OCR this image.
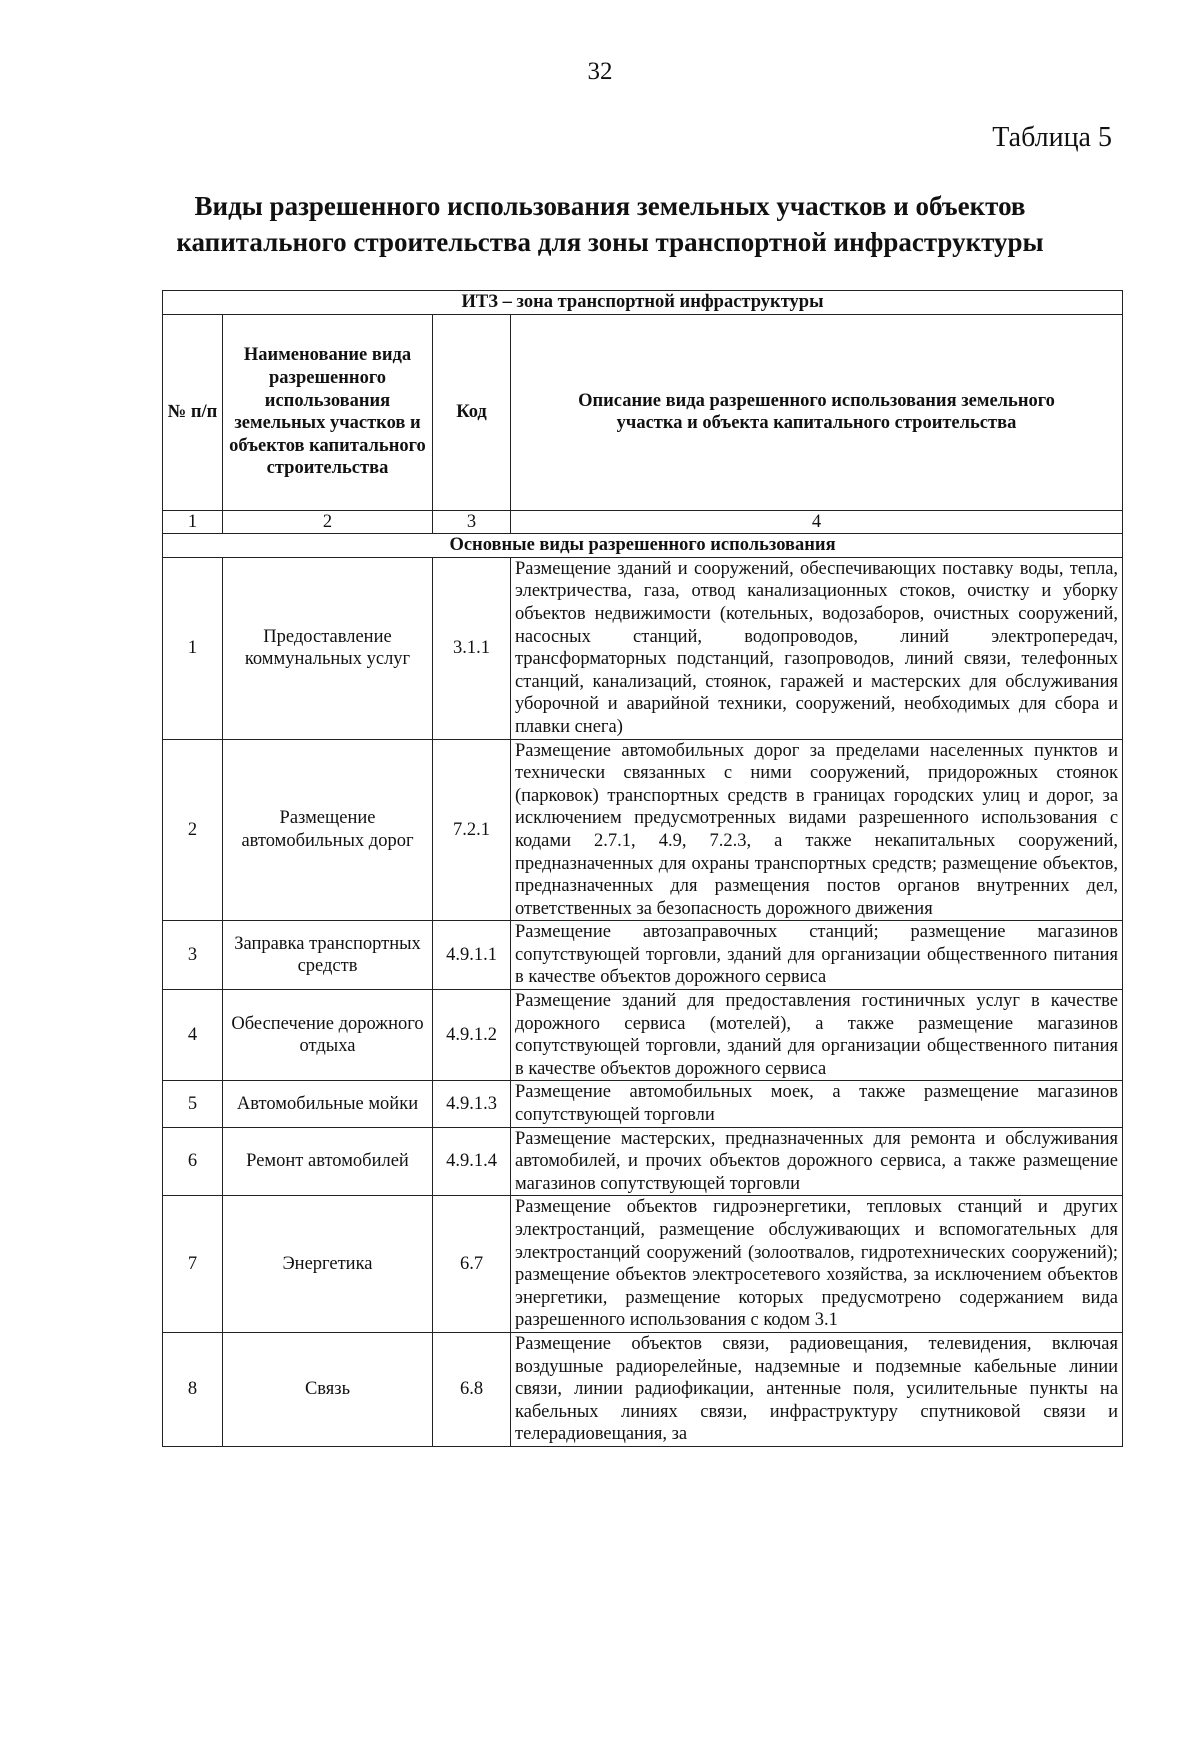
32
Таблица 5
Виды разрешенного использования земельных участков и объектов капитального строительства для зоны транспортной инфраструктуры
ИТЗ – зона транспортной инфраструктуры			
№ п/п	Наименование вида разрешенного использования земельных участков и объектов капитального строительства	Код	Описание вида разрешенного использования земельного участка и объекта капитального строительства
1	2	3	4
Основные виды разрешенного использования			
1	Предоставление коммунальных услуг	3.1.1	Размещение зданий и сооружений, обеспечивающих поставку воды, тепла, электричества, газа, отвод канализационных стоков, очистку и уборку объектов недвижимости (котельных, водозаборов, очистных сооружений, насосных станций, водопроводов, линий электропередач, трансформаторных подстанций, газопроводов, линий связи, телефонных станций, канализаций, стоянок, гаражей и мастерских для обслуживания уборочной и аварийной техники, сооружений, необходимых для сбора и плавки снега)
2	Размещение автомобильных дорог	7.2.1	Размещение автомобильных дорог за пределами населенных пунктов и технически связанных с ними сооружений, придорожных стоянок (парковок) транспортных средств в границах городских улиц и дорог, за исключением предусмотренных видами разрешенного использования с кодами 2.7.1, 4.9, 7.2.3, а также некапитальных сооружений, предназначенных для охраны транспортных средств; размещение объектов, предназначенных для размещения постов органов внутренних дел, ответственных за безопасность дорожного движения
3	Заправка транспортных средств	4.9.1.1	Размещение автозаправочных станций; размещение магазинов сопутствующей торговли, зданий для организации общественного питания в качестве объектов дорожного сервиса
4	Обеспечение дорожного отдыха	4.9.1.2	Размещение зданий для предоставления гостиничных услуг в качестве дорожного сервиса (мотелей), а также размещение магазинов сопутствующей торговли, зданий для организации общественного питания в качестве объектов дорожного сервиса
5	Автомобильные мойки	4.9.1.3	Размещение автомобильных моек, а также размещение магазинов сопутствующей торговли
6	Ремонт автомобилей	4.9.1.4	Размещение мастерских, предназначенных для ремонта и обслуживания автомобилей, и прочих объектов дорожного сервиса, а также размещение магазинов сопутствующей торговли
7	Энергетика	6.7	Размещение объектов гидроэнергетики, тепловых станций и других электростанций, размещение обслуживающих и вспомогательных для электростанций сооружений (золоотвалов, гидротехнических сооружений); размещение объектов электросетевого хозяйства, за исключением объектов энергетики, размещение которых предусмотрено содержанием вида разрешенного использования с кодом 3.1
8	Связь	6.8	Размещение объектов связи, радиовещания, телевидения, включая воздушные радиорелейные, надземные и подземные кабельные линии связи, линии радиофикации, антенные поля, усилительные пункты на кабельных линиях связи, инфраструктуру спутниковой связи и телерадиовещания, за
